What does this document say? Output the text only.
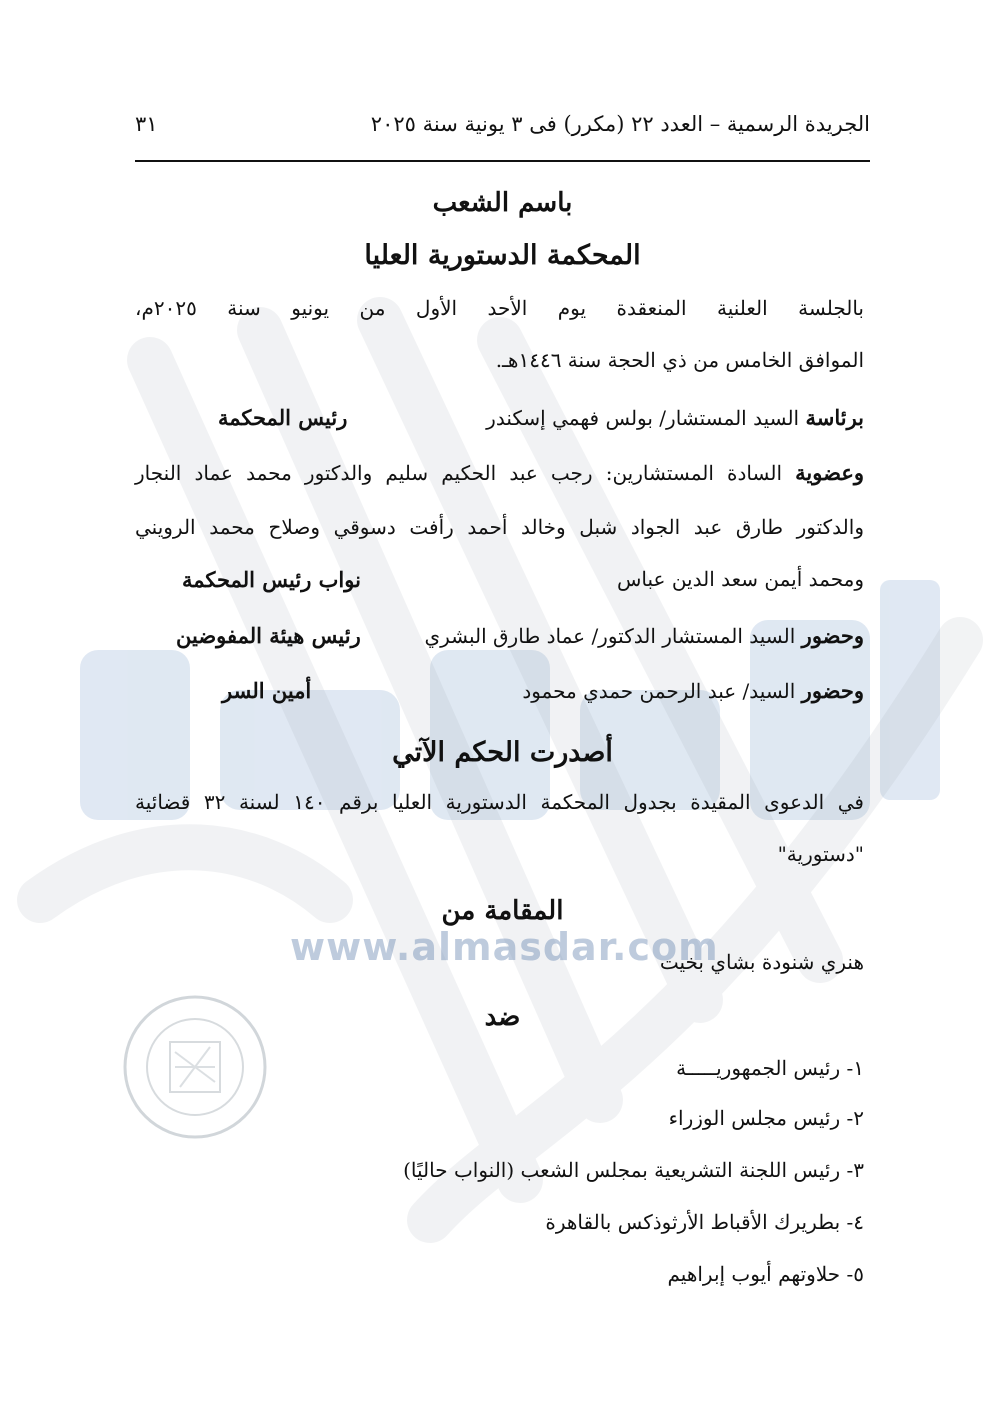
www.almasdar.com
الجريدة الرسمية – العدد ٢٢ (مكرر) فى ٣ يونية سنة ٢٠٢٥
٣١
باسم الشعب
المحكمة الدستورية العليا
بالجلسة العلنية المنعقدة يوم الأحد الأول من يونيو سنة ٢٠٢٥م،
الموافق الخامس من ذي الحجة سنة ١٤٤٦هـ.
برئاسة السيد المستشار/ بولس فهمي إسكندر
رئيس المحكمة
وعضوية السادة المستشارين: رجب عبد الحكيم سليم والدكتور محمد عماد النجار
والدكتور طارق عبد الجواد شبل وخالد أحمد رأفت دسوقي وصلاح محمد الرويني
ومحمد أيمن سعد الدين عباس
نواب رئيس المحكمة
وحضور السيد المستشار الدكتور/ عماد طارق البشري
رئيس هيئة المفوضين
وحضور السيد/ عبد الرحمن حمدي محمود
أمين السر
أصدرت الحكم الآتي
في الدعوى المقيدة بجدول المحكمة الدستورية العليا برقم ١٤٠ لسنة ٣٢ قضائية
"دستورية"
المقامة من
هنري شنودة بشاي بخيت
ضد
١- رئيس الجمهوريـــــة
٢- رئيس مجلس الوزراء
٣- رئيس اللجنة التشريعية بمجلس الشعب (النواب حاليًا)
٤- بطريرك الأقباط الأرثوذكس بالقاهرة
٥- حلاوتهم أيوب إبراهيم
